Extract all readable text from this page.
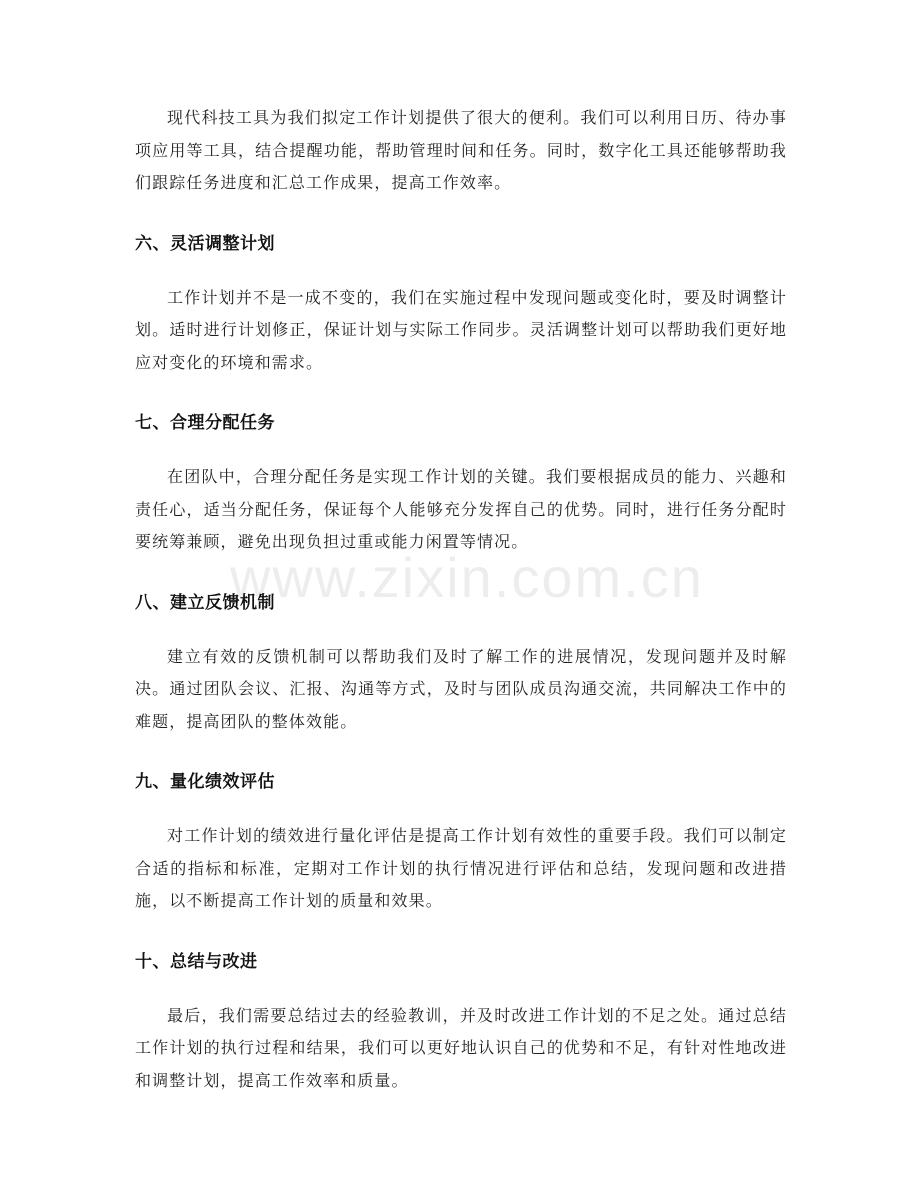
现代科技工具为我们拟定工作计划提供了很大的便利。我们可以利用日历、待办事项应用等工具，结合提醒功能，帮助管理时间和任务。同时，数字化工具还能够帮助我们跟踪任务进度和汇总工作成果，提高工作效率。

六、灵活调整计划

工作计划并不是一成不变的，我们在实施过程中发现问题或变化时，要及时调整计划。适时进行计划修正，保证计划与实际工作同步。灵活调整计划可以帮助我们更好地应对变化的环境和需求。

七、合理分配任务

在团队中，合理分配任务是实现工作计划的关键。我们要根据成员的能力、兴趣和责任心，适当分配任务，保证每个人能够充分发挥自己的优势。同时，进行任务分配时要统筹兼顾，避免出现负担过重或能力闲置等情况。

八、建立反馈机制

建立有效的反馈机制可以帮助我们及时了解工作的进展情况，发现问题并及时解决。通过团队会议、汇报、沟通等方式，及时与团队成员沟通交流，共同解决工作中的难题，提高团队的整体效能。

九、量化绩效评估

对工作计划的绩效进行量化评估是提高工作计划有效性的重要手段。我们可以制定合适的指标和标准，定期对工作计划的执行情况进行评估和总结，发现问题和改进措施，以不断提高工作计划的质量和效果。

十、总结与改进

最后，我们需要总结过去的经验教训，并及时改进工作计划的不足之处。通过总结工作计划的执行过程和结果，我们可以更好地认识自己的优势和不足，有针对性地改进和调整计划，提高工作效率和质量。

www.zixin.com.cn
